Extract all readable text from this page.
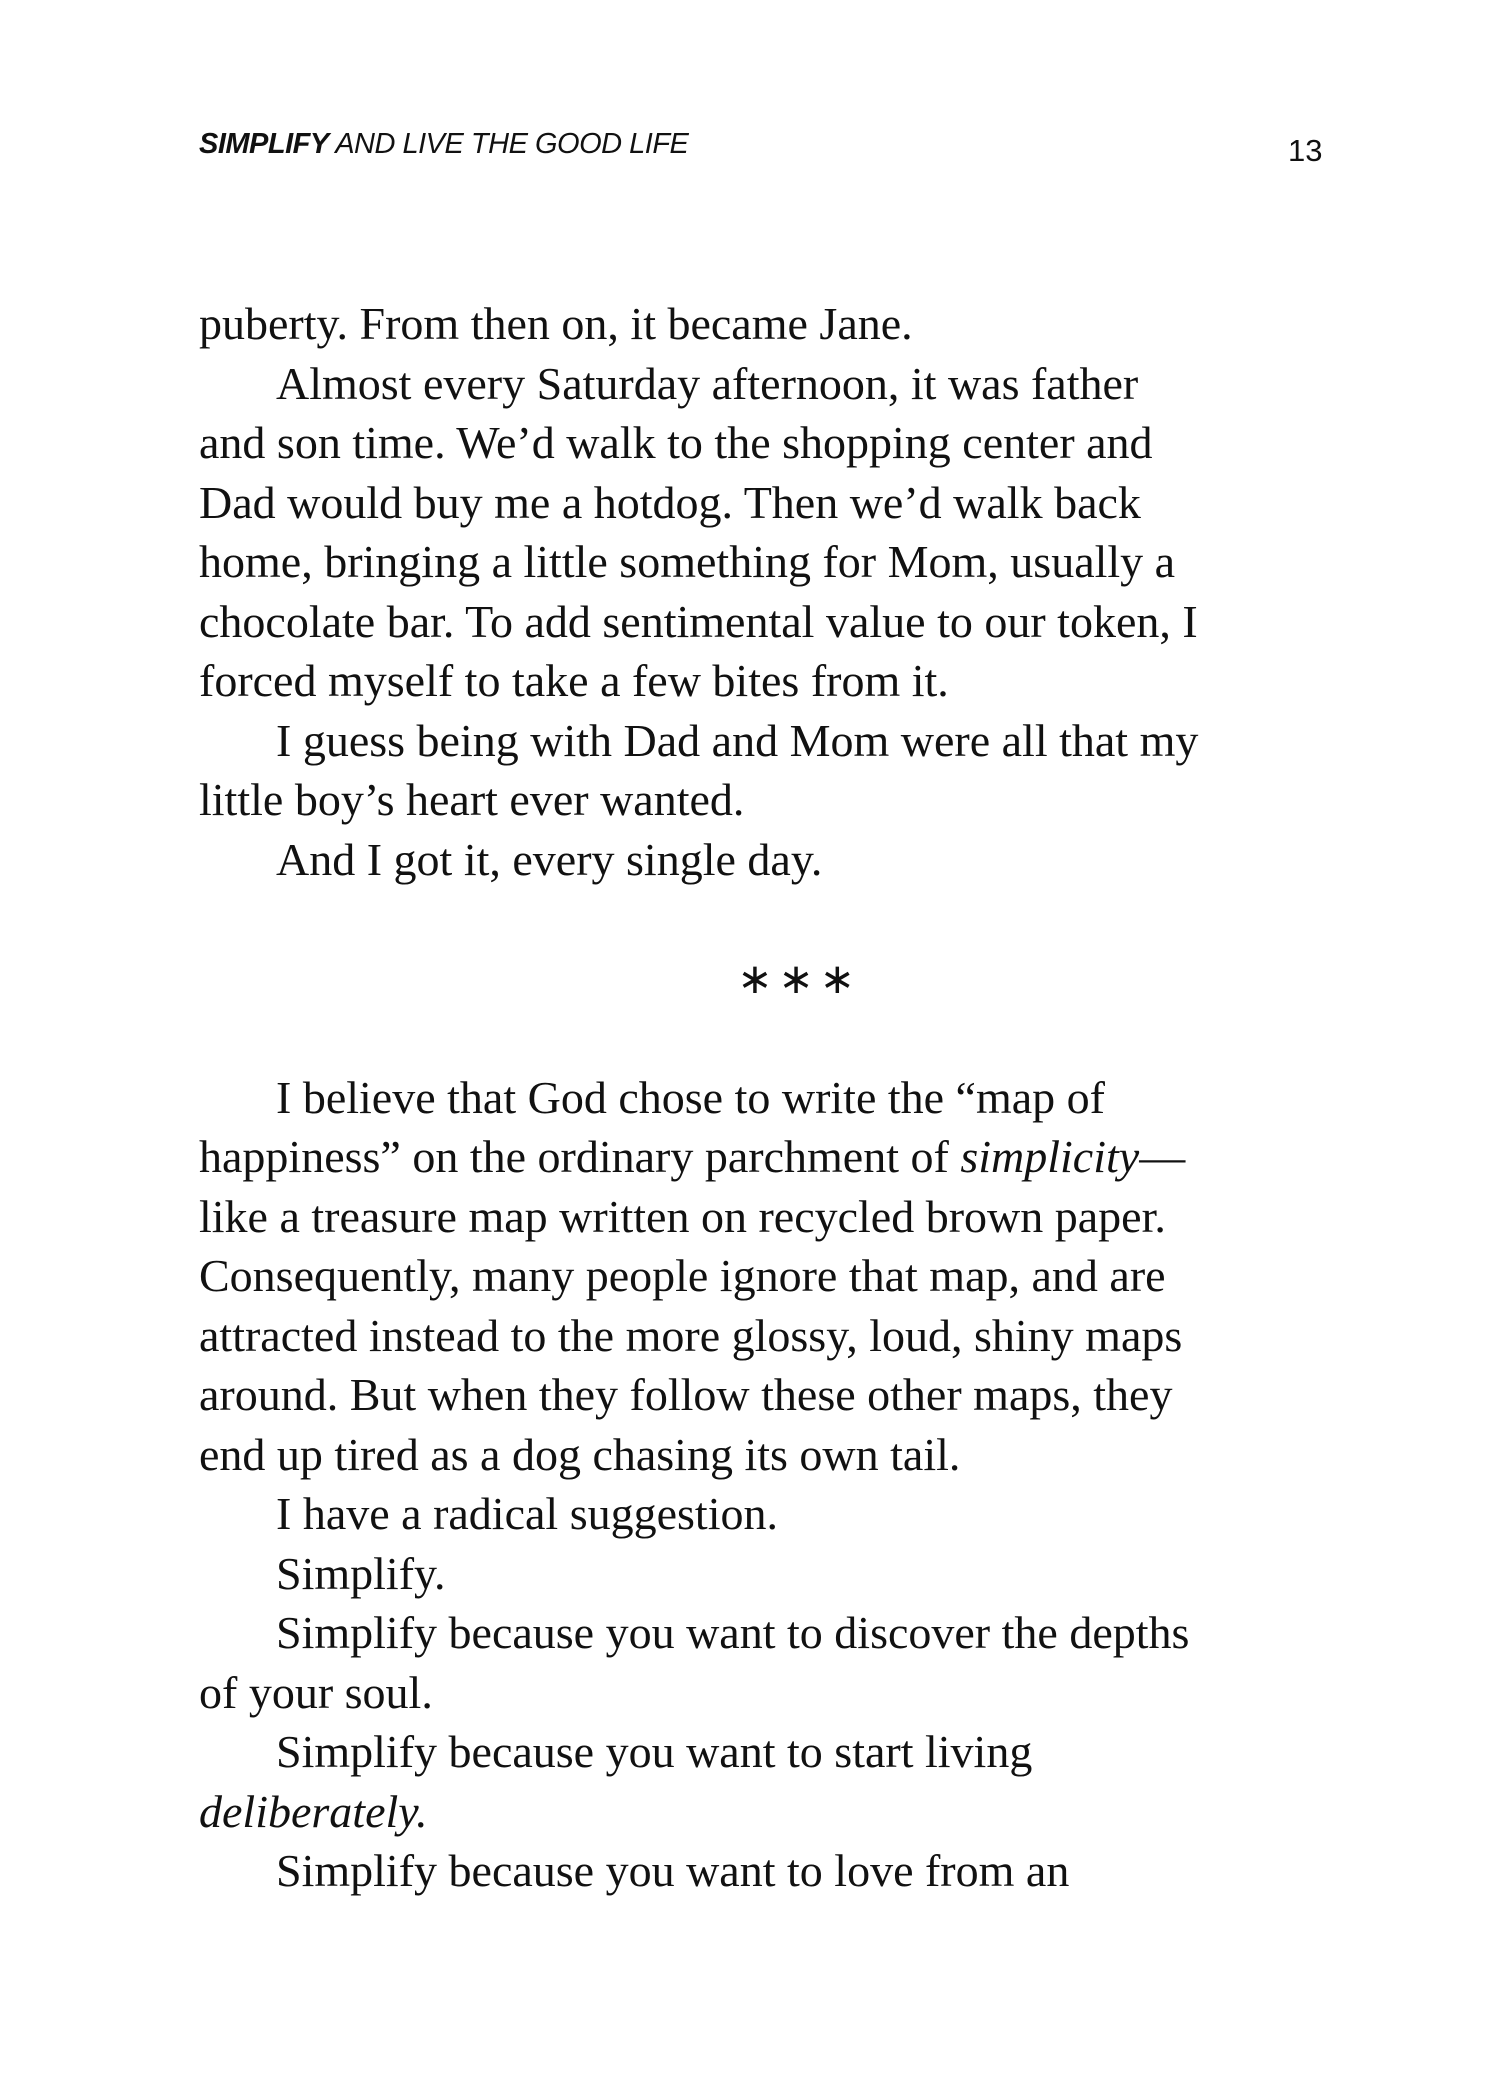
SIMPLIFY AND LIVE THE GOOD LIFE	13
puberty. From then on, it became Jane.
Almost every Saturday afternoon, it was father
and son time. We’d walk to the shopping center and
Dad would buy me a hotdog. Then we’d walk back
home, bringing a little something for Mom, usually a
chocolate bar. To add sentimental value to our token, I
forced myself to take a few bites from it.
I guess being with Dad and Mom were all that my
little boy’s heart ever wanted.
And I got it, every single day.
∗∗∗
I believe that God chose to write the “map of
happiness” on the ordinary parchment of simplicity—
like a treasure map written on recycled brown paper.
Consequently, many people ignore that map, and are
attracted instead to the more glossy, loud, shiny maps
around. But when they follow these other maps, they
end up tired as a dog chasing its own tail.
I have a radical suggestion.
Simplify.
Simplify because you want to discover the depths
of your soul.
Simplify because you want to start living
deliberately.
Simplify because you want to love from an
